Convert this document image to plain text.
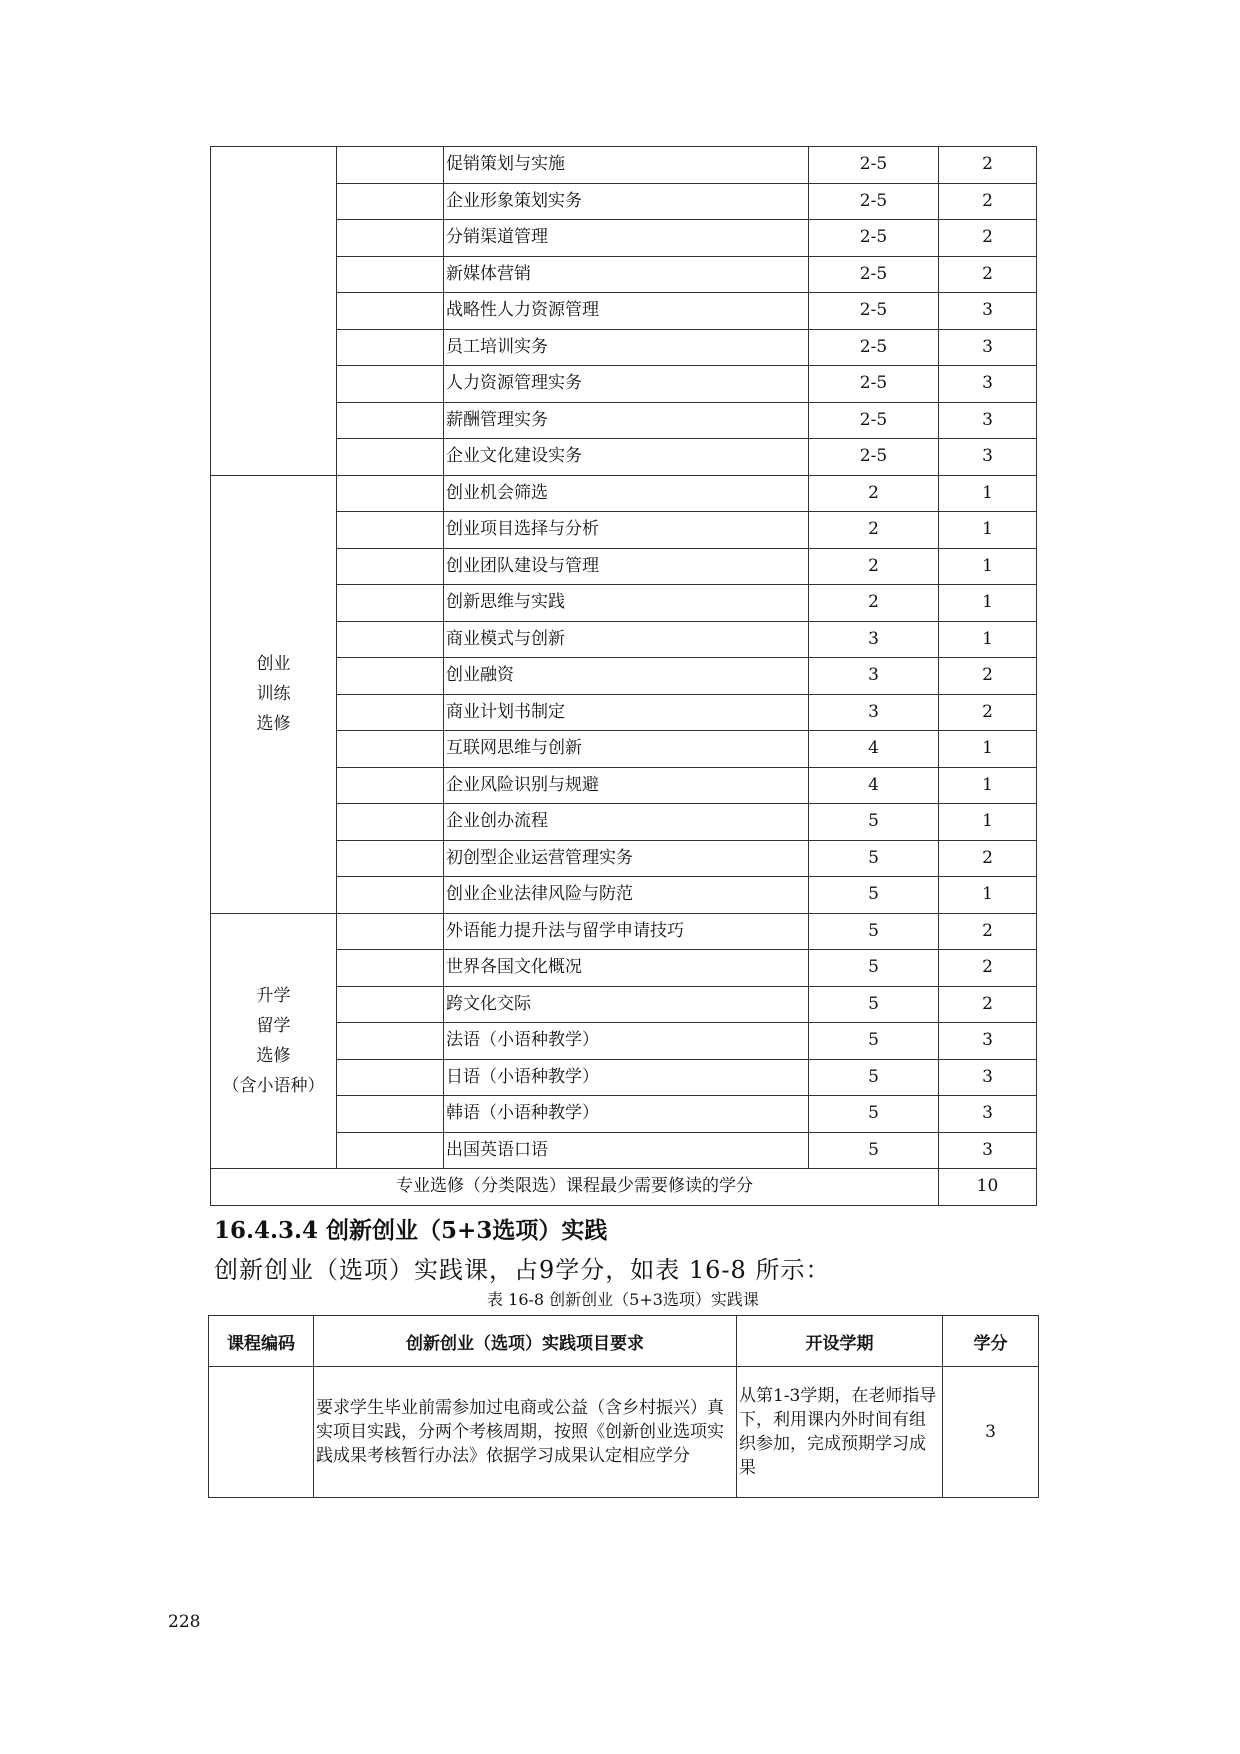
		促销策划与实施	2-5	2
		企业形象策划实务	2-5	2
		分销渠道管理	2-5	2
		新媒体营销	2-5	2
		战略性人力资源管理	2-5	3
		员工培训实务	2-5	3
		人力资源管理实务	2-5	3
		薪酬管理实务	2-5	3
		企业文化建设实务	2-5	3

创业
训练
选修		创业机会筛选	2	1
		创业项目选择与分析	2	1
		创业团队建设与管理	2	1
		创新思维与实践	2	1
		商业模式与创新	3	1
		创业融资	3	2
		商业计划书制定	3	2
		互联网思维与创新	4	1
		企业风险识别与规避	4	1
		企业创办流程	5	1
		初创型企业运营管理实务	5	2
		创业企业法律风险与防范	5	1

升学
留学
选修
（含小语种）		外语能力提升法与留学申请技巧	5	2
		世界各国文化概况	5	2
		跨文化交际	5	2
		法语（小语种教学）	5	3
		日语（小语种教学）	5	3
		韩语（小语种教学）	5	3
		出国英语口语	5	3
专业选修（分类限选）课程最少需要修读的学分				10
16.4.3.4 创新创业（5+3选项）实践

创新创业（选项）实践课，占9学分，如表 16-8 所示：

表 16-8 创新创业（5+3选项）实践课

课程编码	创新创业（选项）实践项目要求	开设学期	学分
	要求学生毕业前需参加过电商或公益（含乡村振兴）真实项目实践，分两个考核周期，按照《创新创业选项实践成果考核暂行办法》依据学习成果认定相应学分	从第1-3学期，在老师指导下，利用课内外时间有组织参加，完成预期学习成果	3
228
